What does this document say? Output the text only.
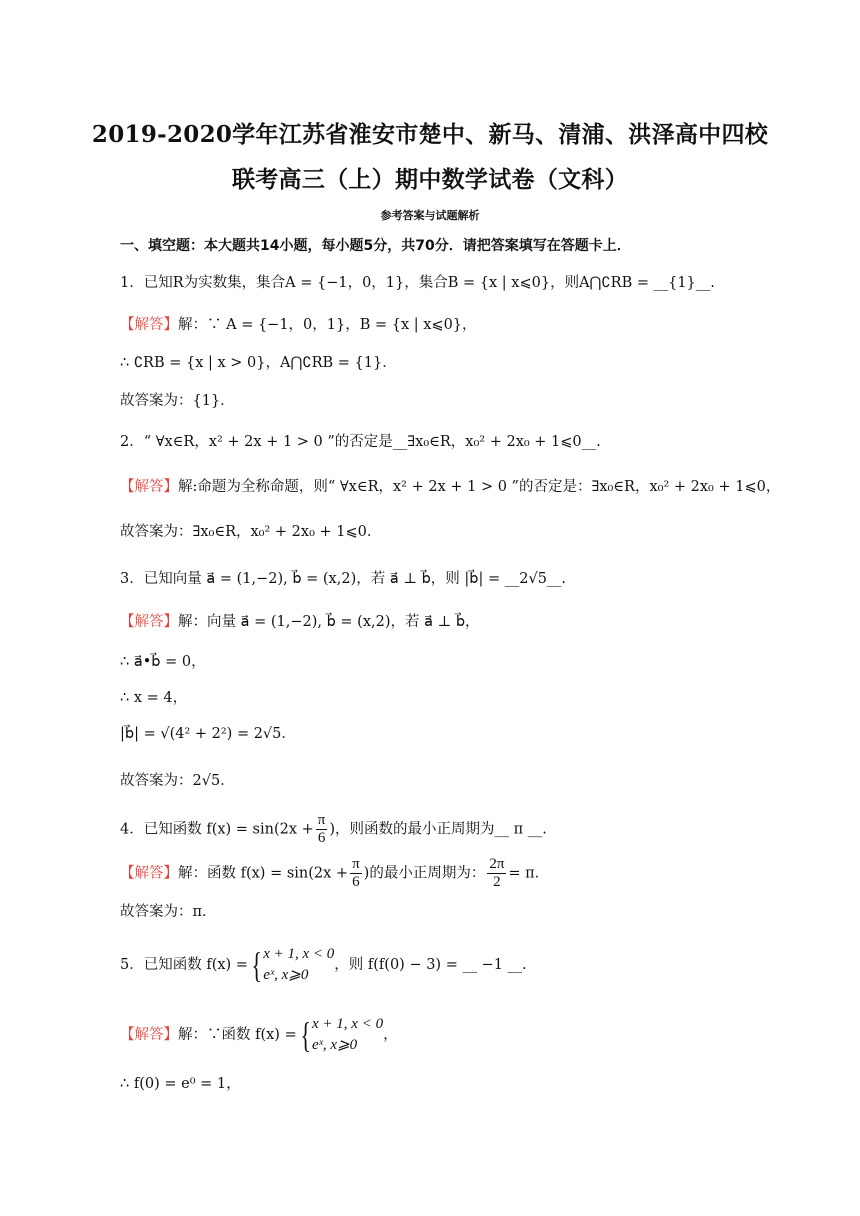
2019-2020学年江苏省淮安市楚中、新马、清浦、洪泽高中四校
联考高三（上）期中数学试卷（文科）
参考答案与试题解析
一、填空题：本大题共14小题，每小题5分，共70分．请把答案填写在答题卡上．
1．已知R为实数集，集合A = {−1，0，1}，集合B = {x | x⩽0}，则A⋂∁RB = __{1}__.
【解答】解：∵ A = {−1，0，1}，B = {x | x⩽0}，
∴ ∁RB = {x | x > 0}，A⋂∁RB = {1}．
故答案为：{1}．
2．“ ∀x∈R，x² + 2x + 1 > 0 ”的否定是__∃x₀∈R，x₀² + 2x₀ + 1⩽0__.
【解答】解:命题为全称命题，则“ ∀x∈R，x² + 2x + 1 > 0 ”的否定是：∃x₀∈R，x₀² + 2x₀ + 1⩽0，
故答案为：∃x₀∈R，x₀² + 2x₀ + 1⩽0．
3．已知向量 a⃗ = (1,−2), b⃗ = (x,2)，若 a⃗ ⊥ b⃗，则 |b⃗| = __2√5__.
【解答】解：向量 a⃗ = (1,−2), b⃗ = (x,2)，若 a⃗ ⊥ b⃗，
∴ a⃗•b⃗ = 0，
∴ x = 4，
|b⃗| = √(4² + 2²) = 2√5．
故答案为：2√5．
4．已知函数 $f(x) = \sin(2x + \frac{\pi}{6}$ )，则函数的最小正周期为__ π __.
【解答】解：函数 $f(x) = \sin(2x + \frac{\pi}{6}$ )的最小正周期为： $\frac{2\pi}{2} = \pi$．
故答案为：π．
5．已知函数 f(x) ={ x + 1, x < 0
eˣ, x⩾0
，则 f(f(0) − 3) = __ −1 __.
【解答】解：∵函数 f(x) ={ x + 1, x < 0
eˣ, x⩾0
，
∴ f(0) = e⁰ = 1，
